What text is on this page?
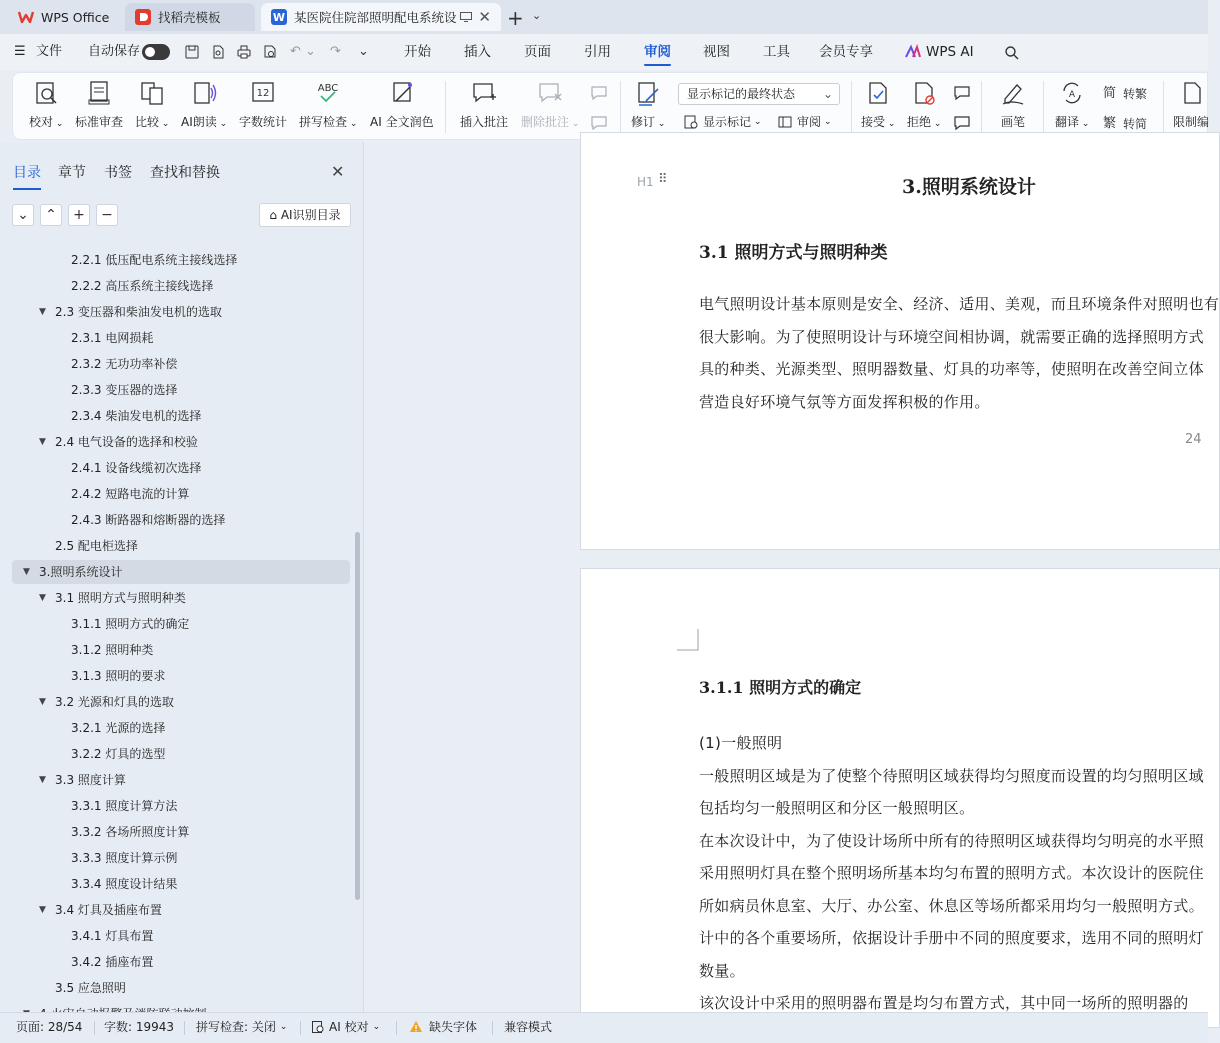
WPS Office	找稻壳模板	W 某医院住院部照明配电系统设 ✕ + ⌄
☰ 文件 自动保存	↶ ⌄ ↷ ⌄	开始 插入 页面 引用 审阅 视图 工具 会员专享	WPS AI
校对 ⌄ 标准审查 比较 ⌄ AI朗读 ⌄
12
字数统计
ABC
拼写检查 ⌄ AI 全文润色 插入批注 删除批注 ⌄	修订 ⌄
显示标记的最终状态 ⌄
显示标记 ⌄	审阅 ⌄ 接受 ⌄ 拒绝 ⌄	画笔
A
翻译 ⌄
简 转繁
繁 转简 限制编
目录 章节 书签 查找和替换	✕
⌄	⌃	+	−	⌂ AI识别目录
2.2.1 低压配电系统主接线选择
2.2.2 高压系统主接线选择
▼ 2.3 变压器和柴油发电机的选取
2.3.1 电网损耗
2.3.2 无功功率补偿
2.3.3 变压器的选择
2.3.4 柴油发电机的选择
▼ 2.4 电气设备的选择和校验
2.4.1 设备线缆初次选择
2.4.2 短路电流的计算
2.4.3 断路器和熔断器的选择
2.5 配电柜选择
▼ 3.照明系统设计
▼ 3.1 照明方式与照明种类
3.1.1 照明方式的确定
3.1.2 照明种类
3.1.3 照明的要求
▼ 3.2 光源和灯具的选取
3.2.1 光源的选择
3.2.2 灯具的选型
▼ 3.3 照度计算
3.3.1 照度计算方法
3.3.2 各场所照度计算
3.3.3 照度计算示例
3.3.4 照度设计结果
▼ 3.4 灯具及插座布置
3.4.1 灯具布置
3.4.2 插座布置
3.5 应急照明
H1 ⠿	3.照明系统设计
3.1 照明方式与照明种类
电气照明设计基本原则是安全、经济、适用、美观，而且环境条件对照明也有
很大影响。为了使照明设计与环境空间相协调，就需要正确的选择照明方式
具的种类、光源类型、照明器数量、灯具的功率等，使照明在改善空间立体
营造良好环境气氛等方面发挥积极的作用。
24
3.1.1 照明方式的确定
(1)一般照明
一般照明区域是为了使整个待照明区域获得均匀照度而设置的均匀照明区域
包括均匀一般照明区和分区一般照明区。
在本次设计中，为了使设计场所中所有的待照明区域获得均匀明亮的水平照
采用照明灯具在整个照明场所基本均匀布置的照明方式。本次设计的医院住
所如病员休息室、大厅、办公室、休息区等场所都采用均匀一般照明方式。
计中的各个重要场所，依据设计手册中不同的照度要求，选用不同的照明灯
数量。
该次设计中采用的照明器布置是均匀布置方式，其中同一场所的照明器的
页面: 28/54 字数: 19943 拼写检查: 关闭 ⌄	AI 校对 ⌄	缺失字体 兼容模式
